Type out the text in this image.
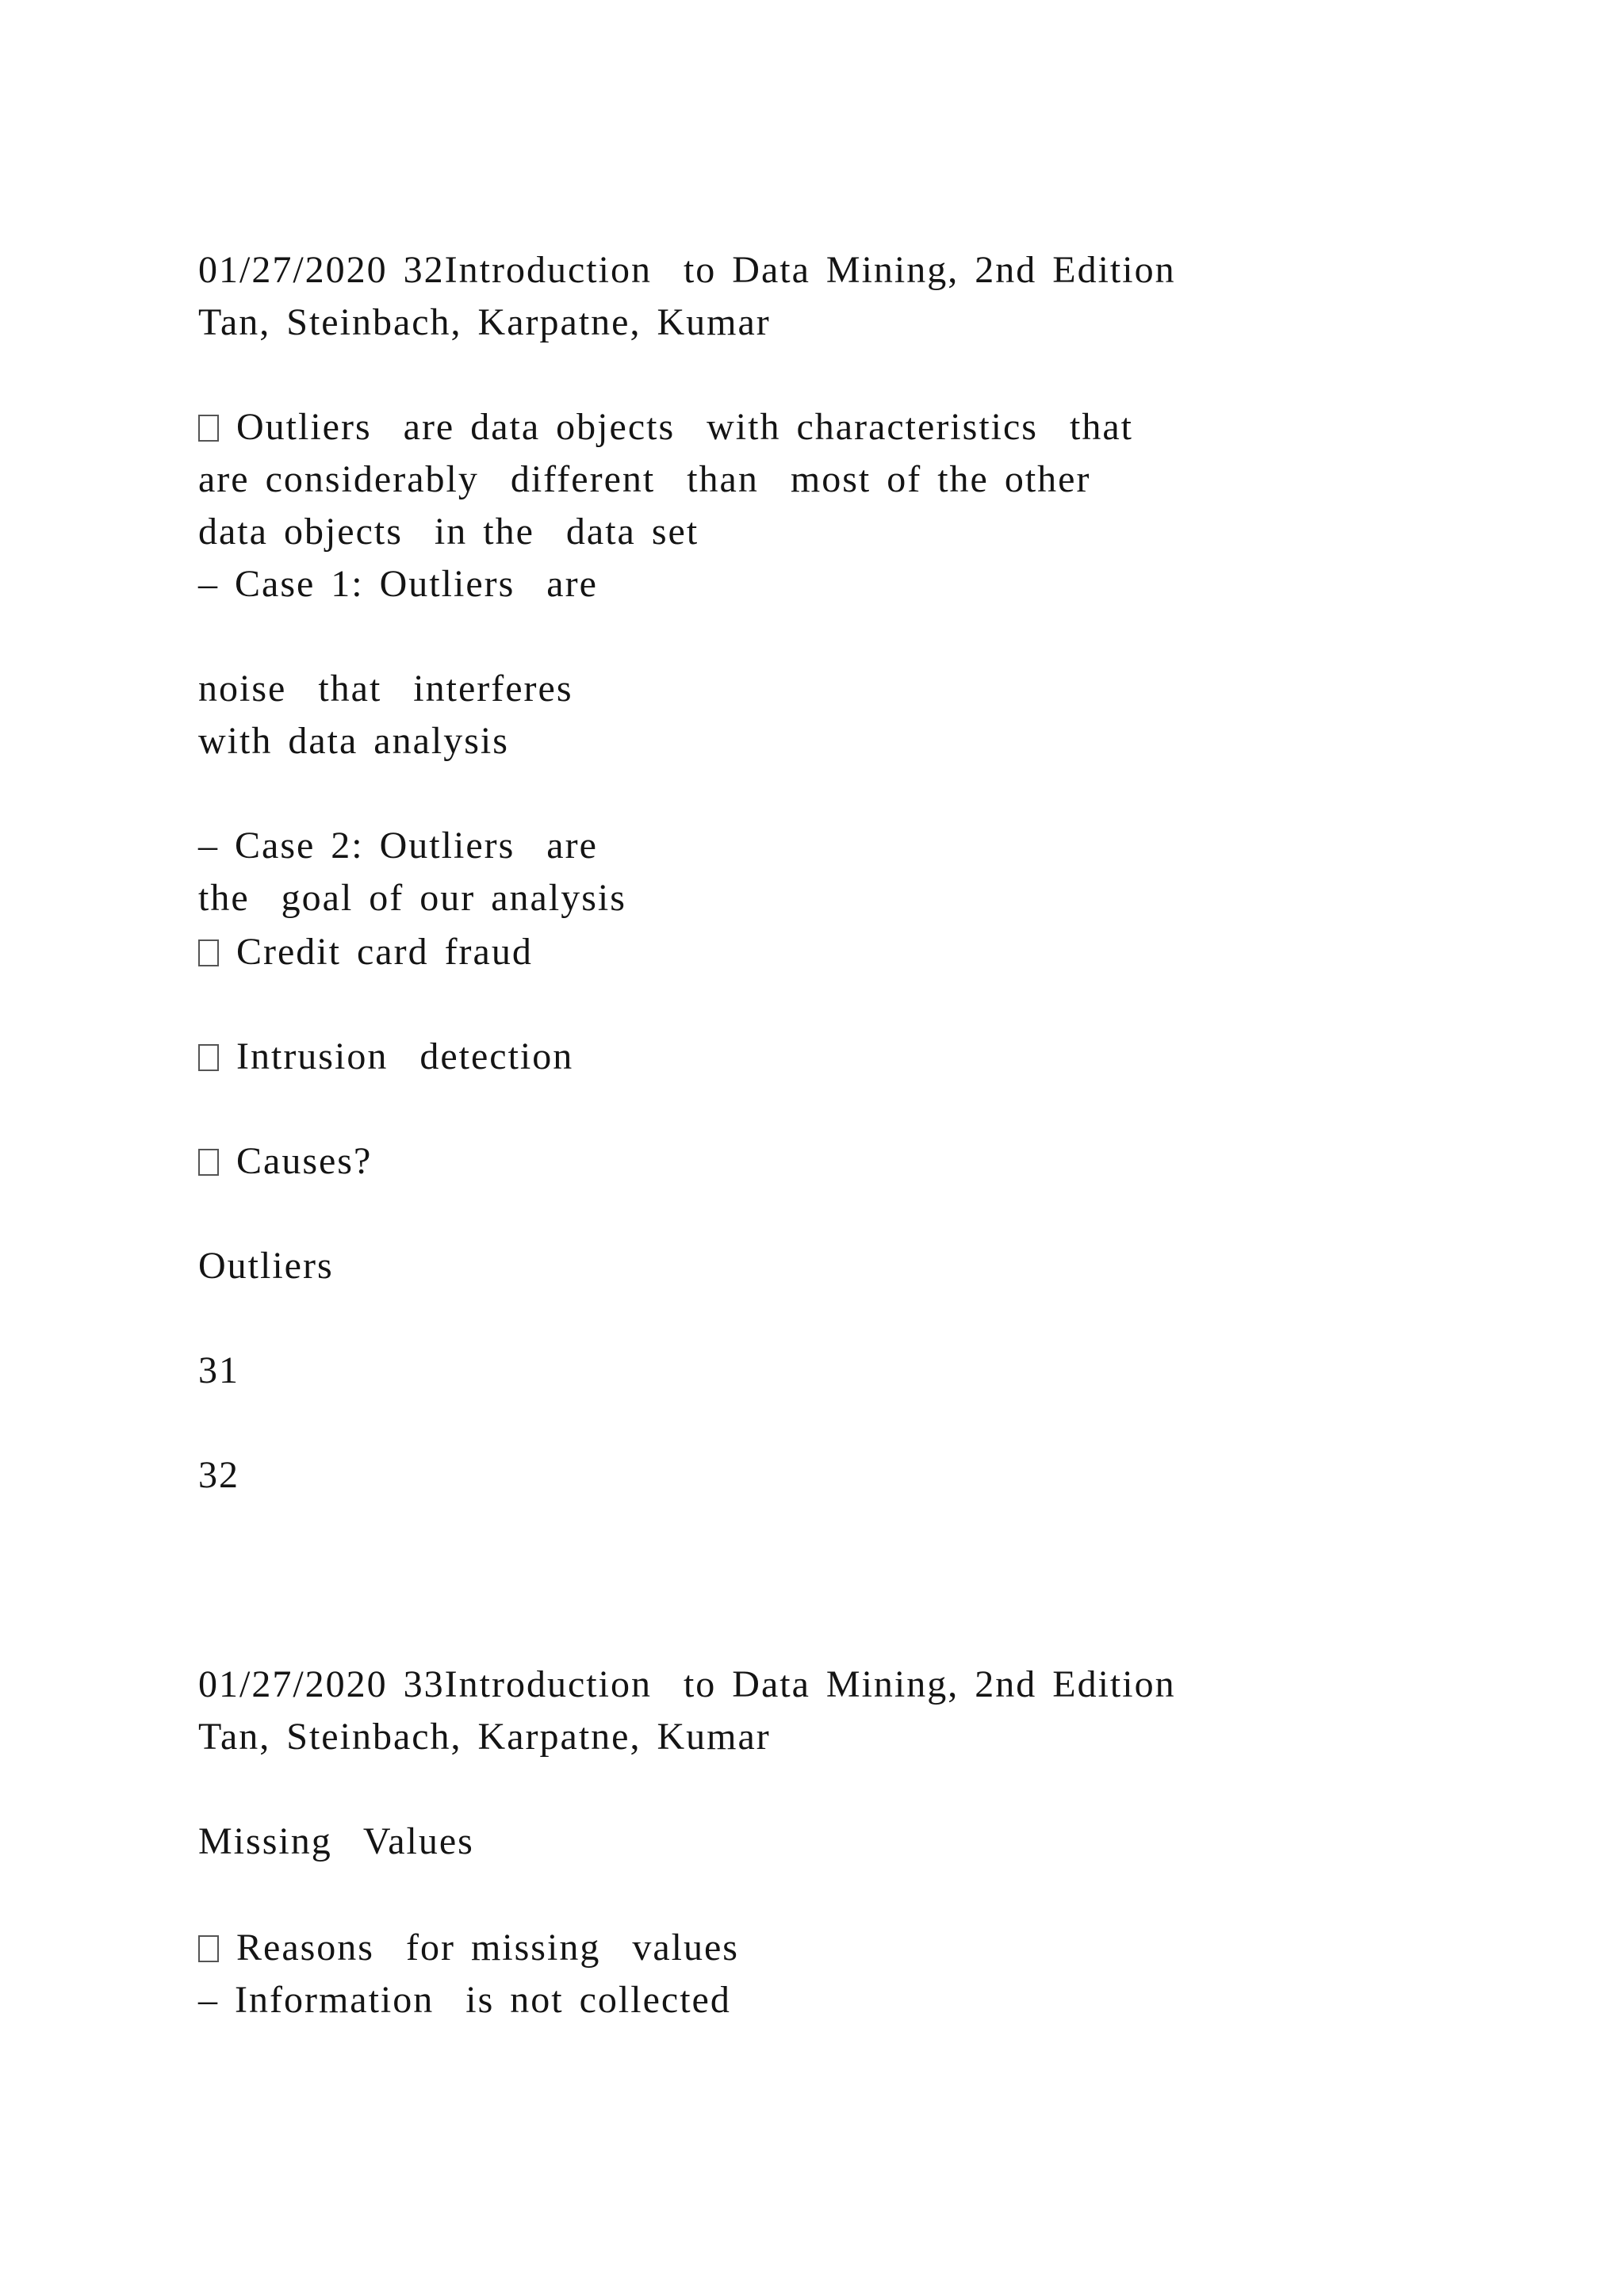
01/27/2020 32Introduction  to Data Mining, 2nd Edition
Tan, Steinbach, Karpatne, Kumar
Outliers  are data objects  with characteristics  that
are considerably  different  than  most of the other
data objects  in the  data set
– Case 1: Outliers  are
noise  that  interferes
with data analysis
– Case 2: Outliers  are
the  goal of our analysis
Credit card fraud
Intrusion  detection
Causes?
Outliers
31
32
01/27/2020 33Introduction  to Data Mining, 2nd Edition
Tan, Steinbach, Karpatne, Kumar
Missing  Values
Reasons  for missing  values
– Information  is not collected
